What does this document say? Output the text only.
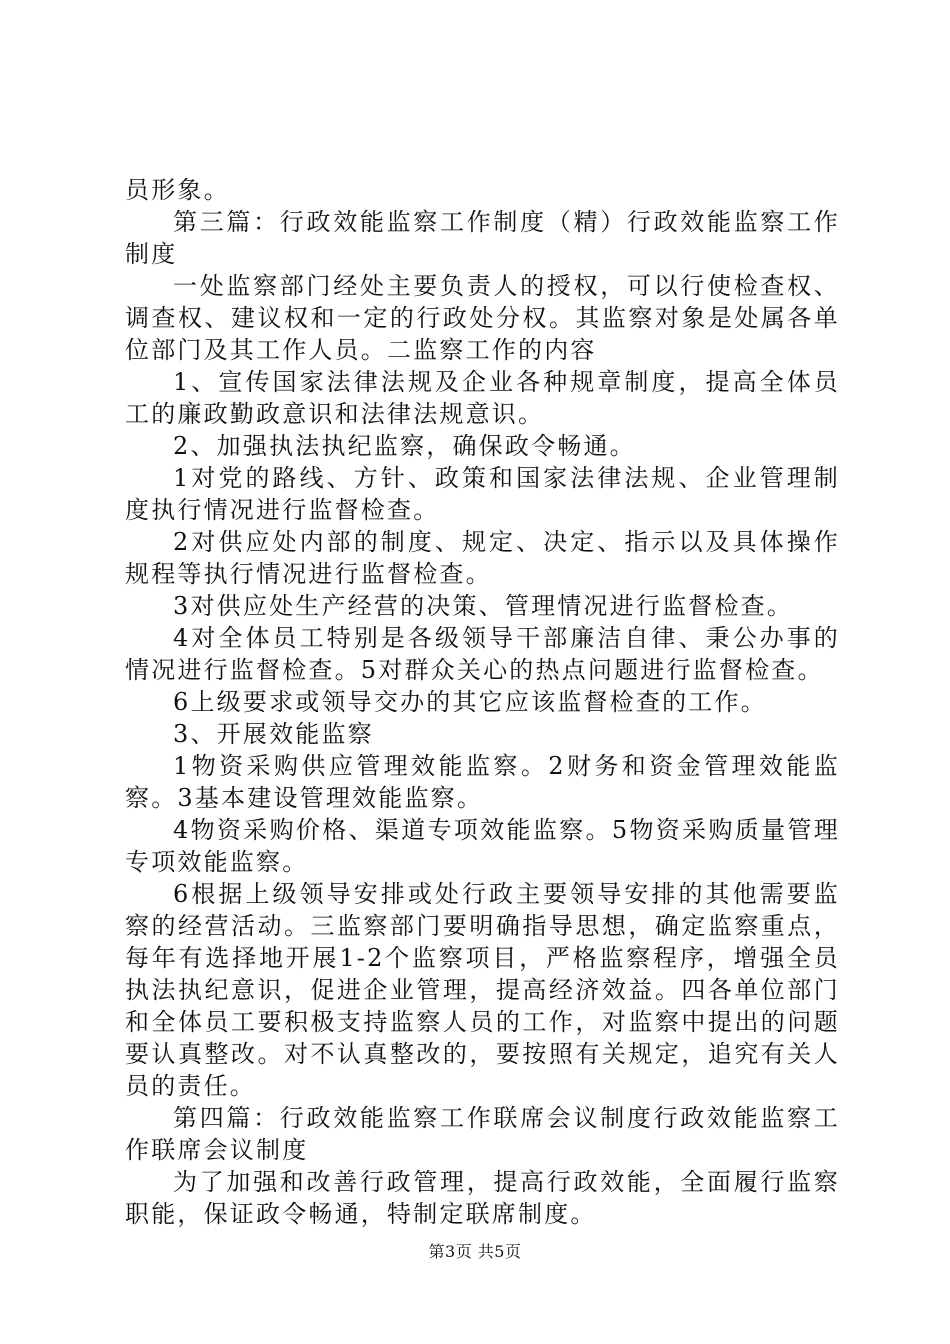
员形象。

第三篇：行政效能监察工作制度（精）行政效能监察工作制度

一处监察部门经处主要负责人的授权，可以行使检查权、调查权、建议权和一定的行政处分权。其监察对象是处属各单位部门及其工作人员。二监察工作的内容

1、宣传国家法律法规及企业各种规章制度，提高全体员工的廉政勤政意识和法律法规意识。

2、加强执法执纪监察，确保政令畅通。

1对党的路线、方针、政策和国家法律法规、企业管理制度执行情况进行监督检查。

2对供应处内部的制度、规定、决定、指示以及具体操作规程等执行情况进行监督检查。

3对供应处生产经营的决策、管理情况进行监督检查。

4对全体员工特别是各级领导干部廉洁自律、秉公办事的情况进行监督检查。5对群众关心的热点问题进行监督检查。

6上级要求或领导交办的其它应该监督检查的工作。

3、开展效能监察

1物资采购供应管理效能监察。2财务和资金管理效能监察。3基本建设管理效能监察。

4物资采购价格、渠道专项效能监察。5物资采购质量管理专项效能监察。

6根据上级领导安排或处行政主要领导安排的其他需要监察的经营活动。三监察部门要明确指导思想，确定监察重点，每年有选择地开展1-2个监察项目，严格监察程序，增强全员执法执纪意识，促进企业管理，提高经济效益。四各单位部门和全体员工要积极支持监察人员的工作，对监察中提出的问题要认真整改。对不认真整改的，要按照有关规定，追究有关人员的责任。

第四篇：行政效能监察工作联席会议制度行政效能监察工作联席会议制度

为了加强和改善行政管理，提高行政效能，全面履行监察职能，保证政令畅通，特制定联席制度。

第3页 共5页
